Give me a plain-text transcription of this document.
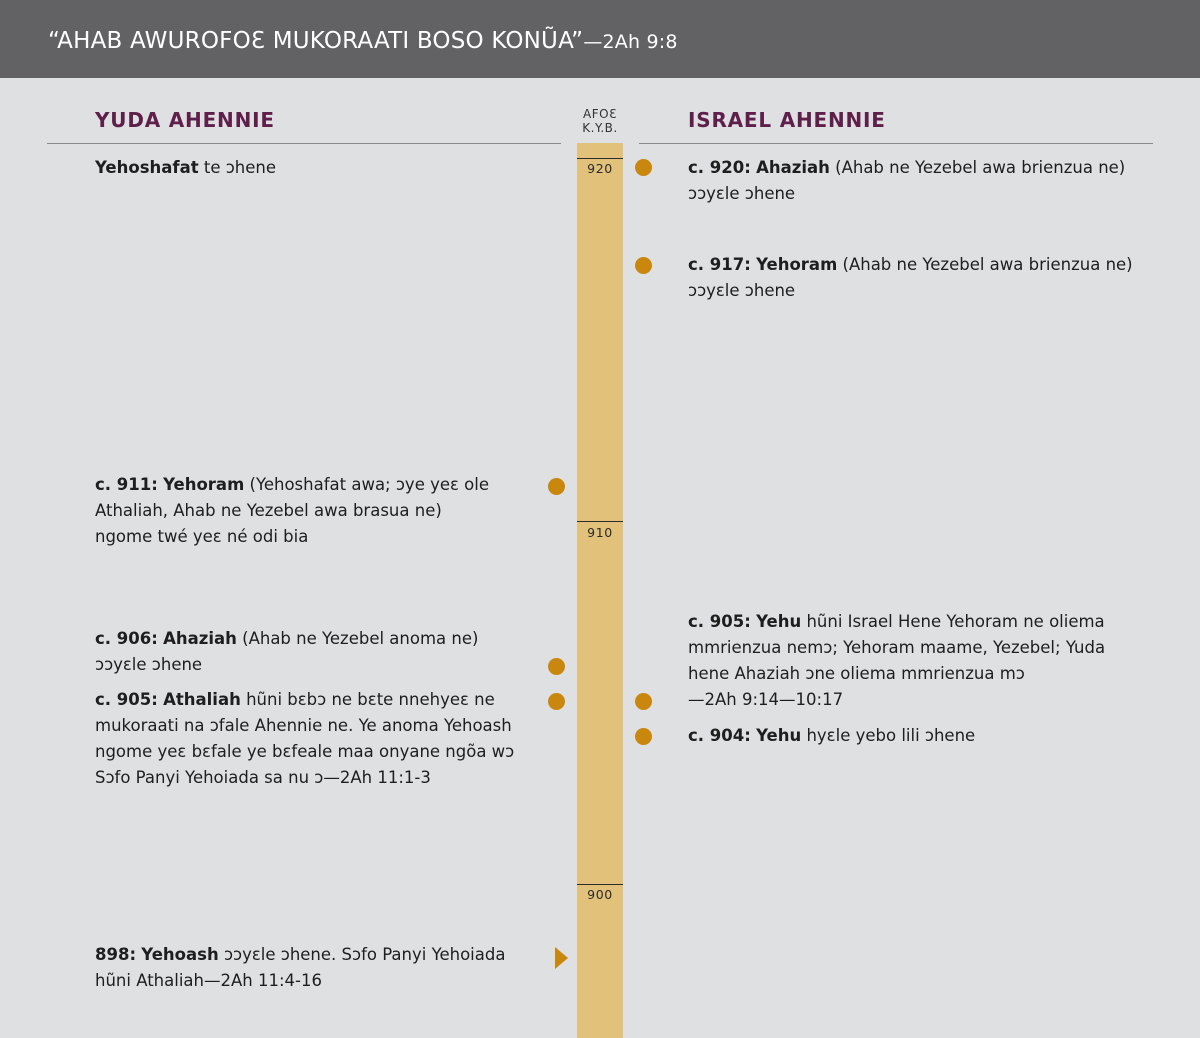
“AHAB AWUROFOƐ MUKORAATI BOSO KONŨA”—2Ah 9:8
YUDA AHENNIE	ISRAEL AHENNIE
AFOƐ
K.Y.B.
920
910
900
Yehoshafat te ɔhene
c. 911: Yehoram (Yehoshafat awa; ɔye yeɛ ole
Athaliah, Ahab ne Yezebel awa brasua ne)
ngome twé yeɛ né odi bia
c. 906: Ahaziah (Ahab ne Yezebel anoma ne)
ɔɔyɛle ɔhene
c. 905: Athaliah hũni bɛbɔ ne bɛte nnehyeɛ ne
mukoraati na ɔfale Ahennie ne. Ye anoma Yehoash
ngome yeɛ bɛfale ye bɛfeale maa onyane ngõa wɔ
Sɔfo Panyi Yehoiada sa nu ɔ—2Ah 11:1-3
898: Yehoash ɔɔyɛle ɔhene. Sɔfo Panyi Yehoiada
hũni Athaliah—2Ah 11:4-16
c. 920: Ahaziah (Ahab ne Yezebel awa brienzua ne)
ɔɔyɛle ɔhene
c. 917: Yehoram (Ahab ne Yezebel awa brienzua ne)
ɔɔyɛle ɔhene
c. 905: Yehu hũni Israel Hene Yehoram ne oliema
mmrienzua nemɔ; Yehoram maame, Yezebel; Yuda
hene Ahaziah ɔne oliema mmrienzua mɔ
—2Ah 9:14—10:17
c. 904: Yehu hyɛle yebo lili ɔhene
